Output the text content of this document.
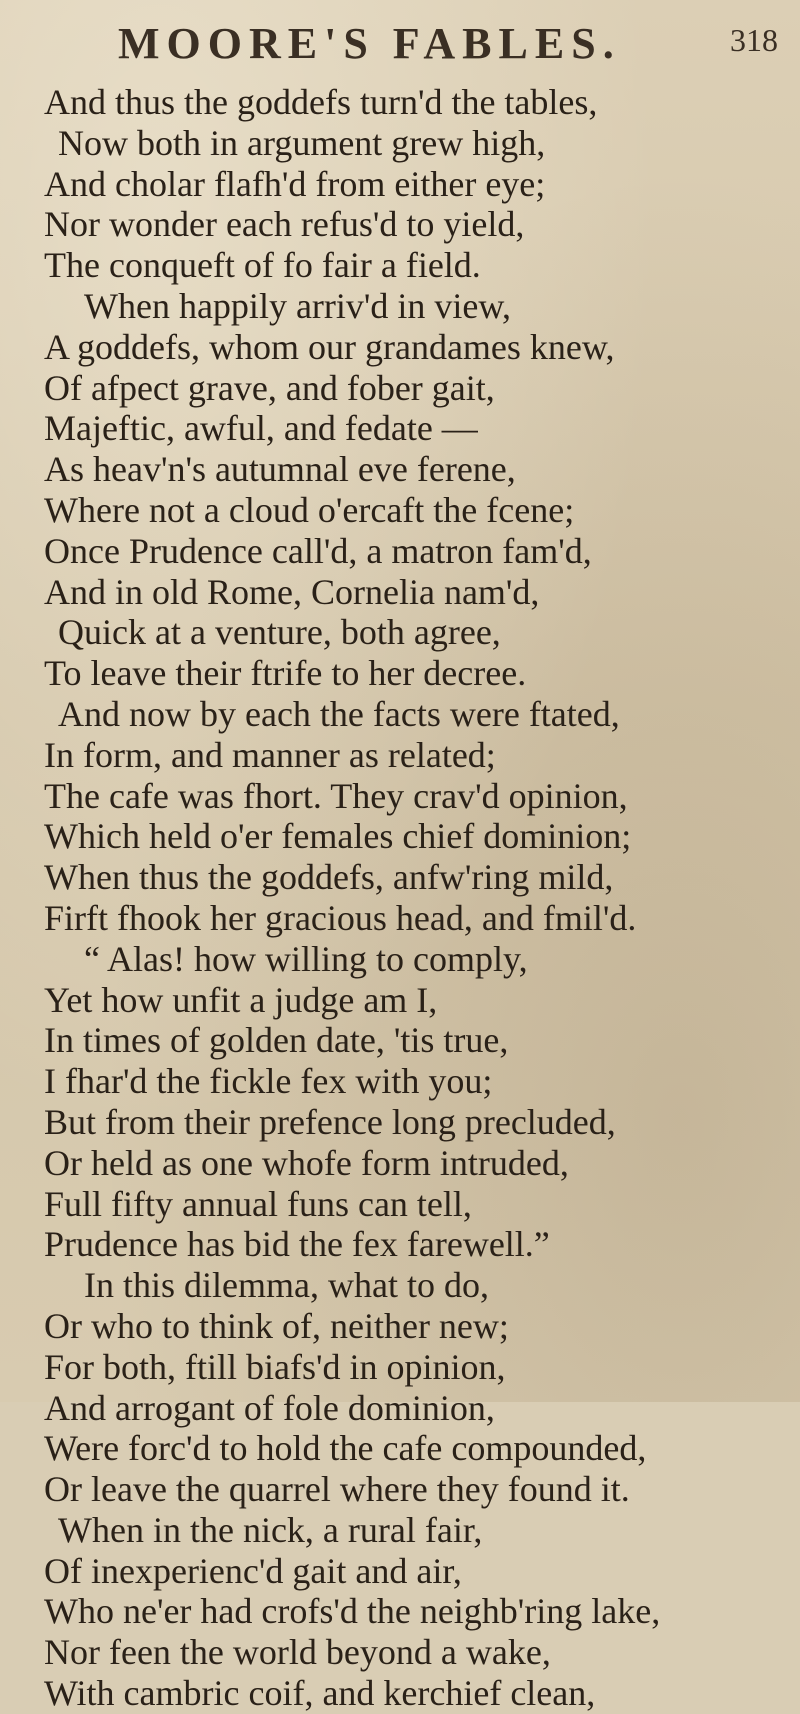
MOORE'S FABLES.	318
And thus the goddefs turn'd the tables,
Now both in argument grew high,
And cholar flafh'd from either eye;
Nor wonder each refus'd to yield,
The conqueft of fo fair a field.
When happily arriv'd in view,
A goddefs, whom our grandames knew,
Of afpect grave, and fober gait,
Majeftic, awful, and fedate —
As heav'n's autumnal eve ferene,
Where not a cloud o'ercaft the fcene;
Once Prudence call'd, a matron fam'd,
And in old Rome, Cornelia nam'd,
Quick at a venture, both agree,
To leave their ftrife to her decree.
And now by each the facts were ftated,
In form, and manner as related;
The cafe was fhort. They crav'd opinion,
Which held o'er females chief dominion;
When thus the goddefs, anfw'ring mild,
Firft fhook her gracious head, and fmil'd.
“ Alas! how willing to comply,
Yet how unfit a judge am I,
In times of golden date, 'tis true,
I fhar'd the fickle fex with you;
But from their prefence long precluded,
Or held as one whofe form intruded,
Full fifty annual funs can tell,
Prudence has bid the fex farewell.”
In this dilemma, what to do,
Or who to think of, neither new;
For both, ftill biafs'd in opinion,
And arrogant of fole dominion,
Were forc'd to hold the cafe compounded,
Or leave the quarrel where they found it.
When in the nick, a rural fair,
Of inexperienc'd gait and air,
Who ne'er had crofs'd the neighb'ring lake,
Nor feen the world beyond a wake,
With cambric coif, and kerchief clean,
